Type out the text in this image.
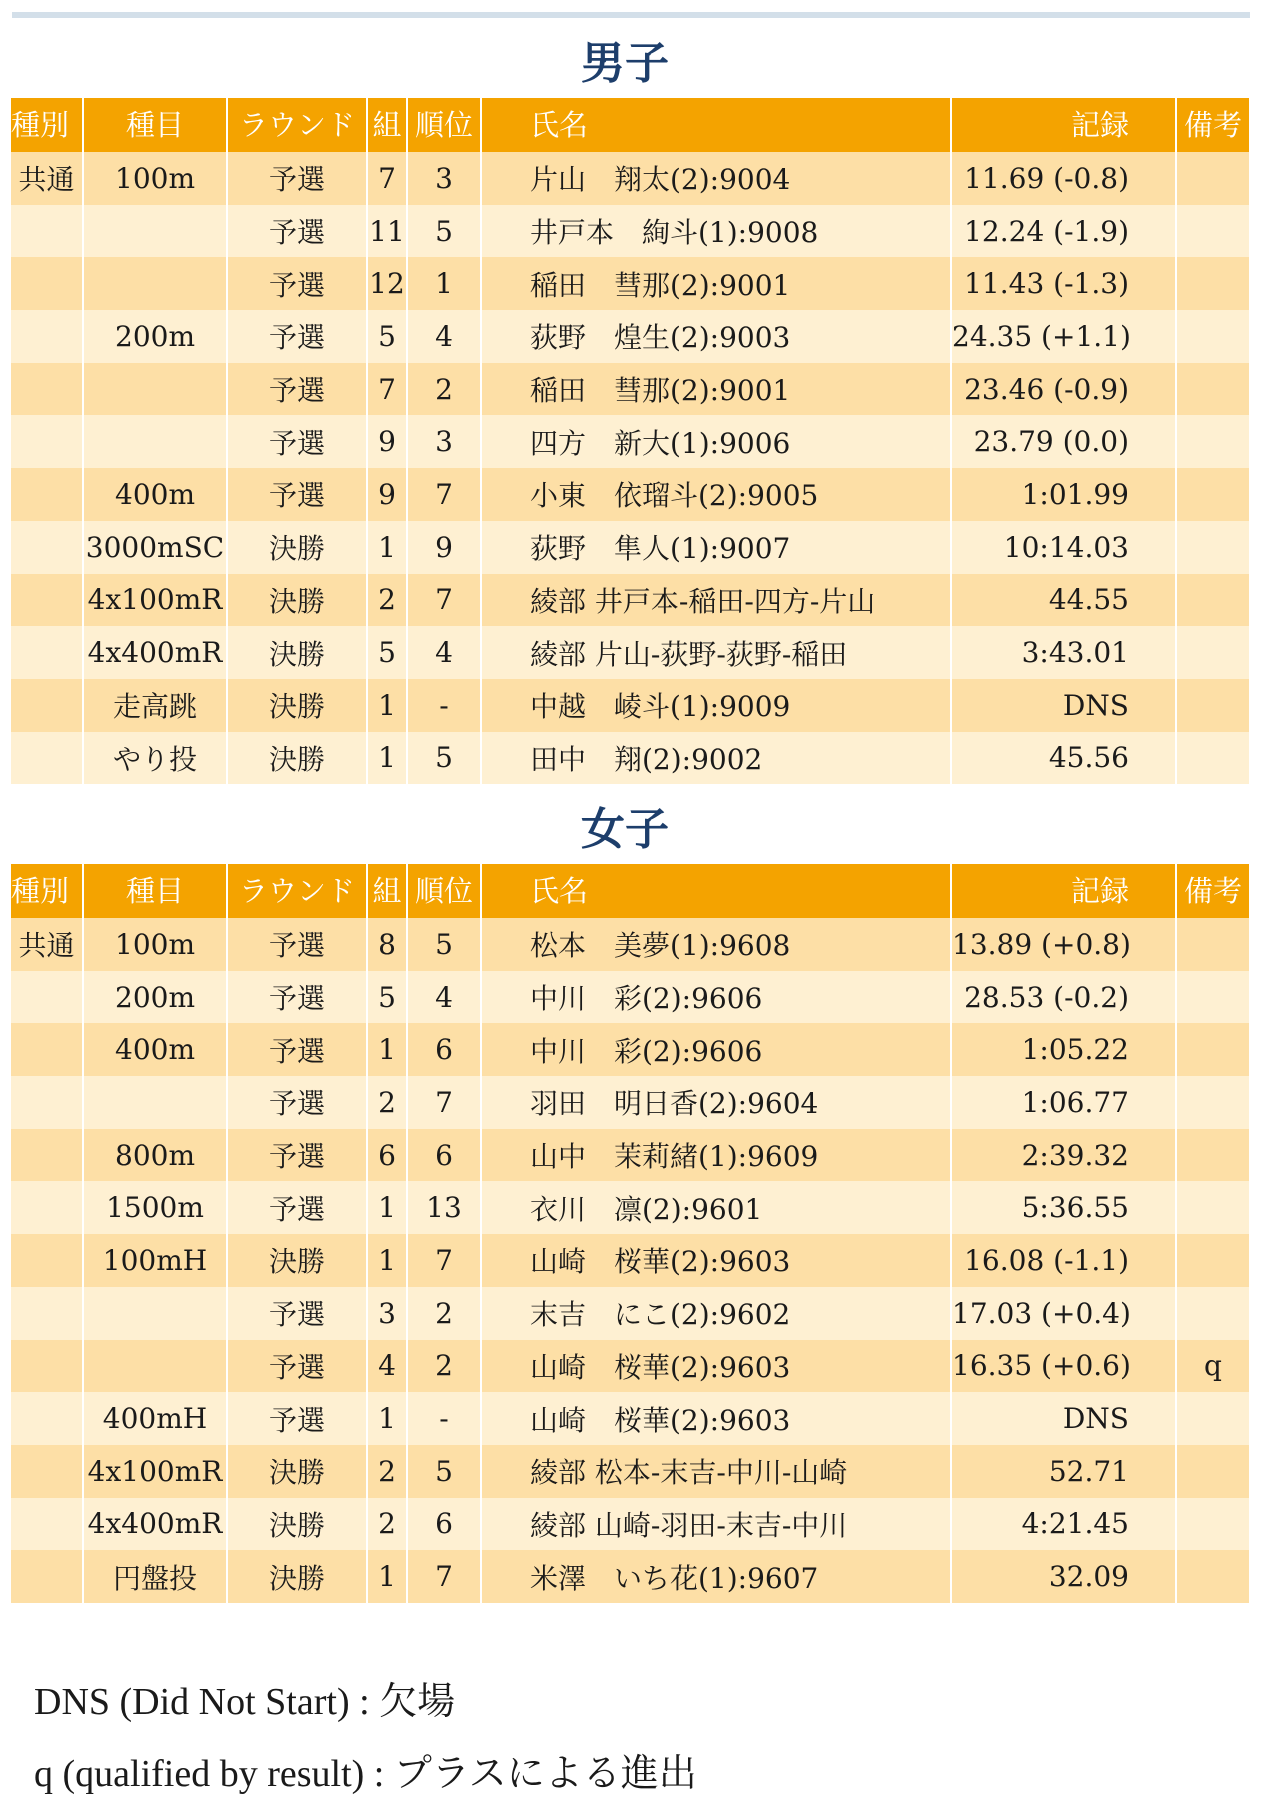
男子
種別	種目	ラウンド	組	順位	氏名	記録	備考
共通	100m	予選	7	3	片山　翔太(2):9004	11.69 (-0.8)	
		予選	11	5	井戸本　絢斗(1):9008	12.24 (-1.9)	
		予選	12	1	稲田　彗那(2):9001	11.43 (-1.3)	
	200m	予選	5	4	荻野　煌生(2):9003	24.35 (+1.1)	
		予選	7	2	稲田　彗那(2):9001	23.46 (-0.9)	
		予選	9	3	四方　新大(1):9006	23.79 (0.0)	
	400m	予選	9	7	小東　依瑠斗(2):9005	1:01.99	
	3000mSC	決勝	1	9	荻野　隼人(1):9007	10:14.03	
	4x100mR	決勝	2	7	綾部 井戸本-稲田-四方-片山	44.55	
	4x400mR	決勝	5	4	綾部 片山-荻野-荻野-稲田	3:43.01	
	走高跳	決勝	1	-	中越　崚斗(1):9009	DNS	
	やり投	決勝	1	5	田中　翔(2):9002	45.56	
女子
種別	種目	ラウンド	組	順位	氏名	記録	備考
共通	100m	予選	8	5	松本　美夢(1):9608	13.89 (+0.8)	
	200m	予選	5	4	中川　彩(2):9606	28.53 (-0.2)	
	400m	予選	1	6	中川　彩(2):9606	1:05.22	
		予選	2	7	羽田　明日香(2):9604	1:06.77	
	800m	予選	6	6	山中　茉莉緒(1):9609	2:39.32	
	1500m	予選	1	13	衣川　凛(2):9601	5:36.55	
	100mH	決勝	1	7	山崎　桜華(2):9603	16.08 (-1.1)	
		予選	3	2	末吉　にこ(2):9602	17.03 (+0.4)	
		予選	4	2	山崎　桜華(2):9603	16.35 (+0.6)	q
	400mH	予選	1	-	山崎　桜華(2):9603	DNS	
	4x100mR	決勝	2	5	綾部 松本-末吉-中川-山崎	52.71	
	4x400mR	決勝	2	6	綾部 山崎-羽田-末吉-中川	4:21.45	
	円盤投	決勝	1	7	米澤　いち花(1):9607	32.09	
DNS (Did Not Start) : 欠場
q (qualified by result) : プラスによる進出
